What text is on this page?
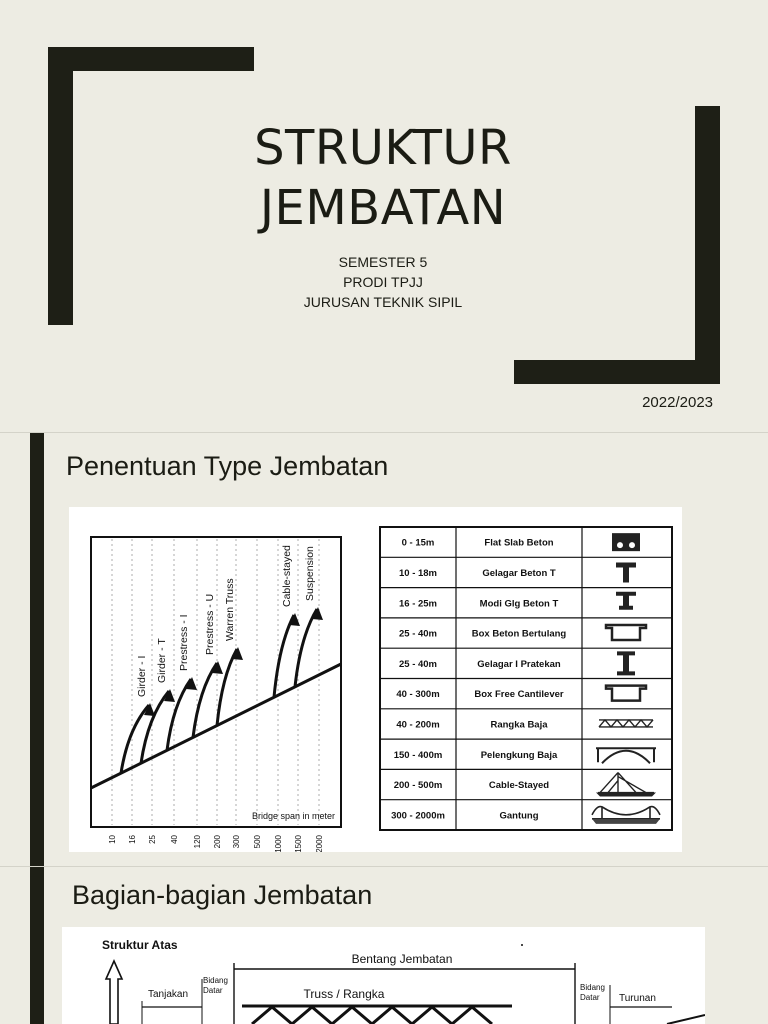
STRUKTUR
JEMBATAN
SEMESTER 5
PRODI TPJJ
JURUSAN TEKNIK SIPIL
2022/2023
Penentuan Type Jembatan
Girder - I Girder - T Prestress - I Prestress - U Warren Truss
Cable-stayed Suspension
Bridge span in meter
10 16 25 40 120 200 300 500 1000 1500 2000
0 - 15m	Flat Slab Beton
10 - 18m	Gelagar Beton T
16 - 25m	Modi Glg Beton T
25 - 40m	Box Beton Bertulang
25 - 40m	Gelagar I Pratekan
40 - 300m	Box Free Cantilever
40 - 200m	Rangka Baja
150 - 400m	Pelengkung Baja
200 - 500m	Cable-Stayed
300 - 2000m	Gantung
Bagian-bagian Jembatan
Struktur Atas
Bentang Jembatan
Tanjakan
Bidang
Datar	Truss / Rangka	Bidang
Datar Turunan
